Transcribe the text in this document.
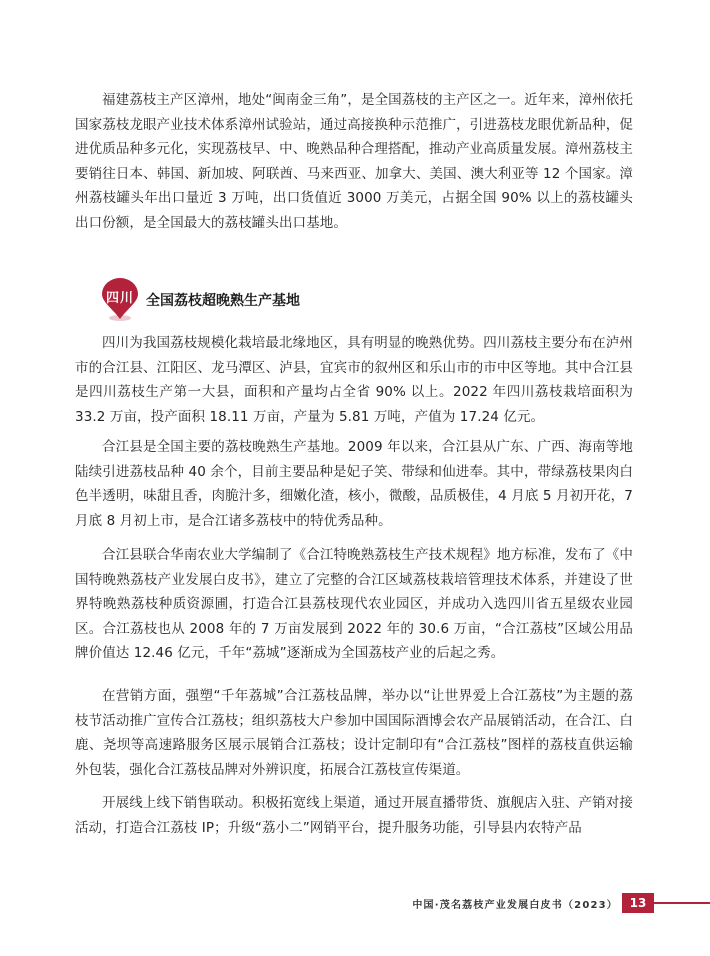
福建荔枝主产区漳州，地处“闽南金三角”，是全国荔枝的主产区之一。近年来，漳州依托国家荔枝龙眼产业技术体系漳州试验站，通过高接换种示范推广，引进荔枝龙眼优新品种，促进优质品种多元化，实现荔枝早、中、晚熟品种合理搭配，推动产业高质量发展。漳州荔枝主要销往日本、韩国、新加坡、阿联酋、马来西亚、加拿大、美国、澳大利亚等 12 个国家。漳州荔枝罐头年出口量近 3 万吨，出口货值近 3000 万美元，占据全国 90% 以上的荔枝罐头出口份额，是全国最大的荔枝罐头出口基地。

四川 全国荔枝超晚熟生产基地

四川为我国荔枝规模化栽培最北缘地区，具有明显的晚熟优势。四川荔枝主要分布在泸州市的合江县、江阳区、龙马潭区、泸县，宜宾市的叙州区和乐山市的市中区等地。其中合江县是四川荔枝生产第一大县，面积和产量均占全省 90% 以上。2022 年四川荔枝栽培面积为 33.2 万亩，投产面积 18.11 万亩，产量为 5.81 万吨，产值为 17.24 亿元。

合江县是全国主要的荔枝晚熟生产基地。2009 年以来，合江县从广东、广西、海南等地陆续引进荔枝品种 40 余个，目前主要品种是妃子笑、带绿和仙进奉。其中，带绿荔枝果肉白色半透明，味甜且香，肉脆汁多，细嫩化渣，核小，微酸，品质极佳，4 月底 5 月初开花，7 月底 8 月初上市，是合江诸多荔枝中的特优秀品种。

合江县联合华南农业大学编制了《合江特晚熟荔枝生产技术规程》地方标准，发布了《中国特晚熟荔枝产业发展白皮书》，建立了完整的合江区域荔枝栽培管理技术体系，并建设了世界特晚熟荔枝种质资源圃，打造合江县荔枝现代农业园区，并成功入选四川省五星级农业园区。合江荔枝也从 2008 年的 7 万亩发展到 2022 年的 30.6 万亩，“合江荔枝”区域公用品牌价值达 12.46 亿元，千年“荔城”逐渐成为全国荔枝产业的后起之秀。

在营销方面，强塑“千年荔城”合江荔枝品牌，举办以“让世界爱上合江荔枝”为主题的荔枝节活动推广宣传合江荔枝；组织荔枝大户参加中国国际酒博会农产品展销活动，在合江、白鹿、尧坝等高速路服务区展示展销合江荔枝；设计定制印有“合江荔枝”图样的荔枝直供运输外包装，强化合江荔枝品牌对外辨识度，拓展合江荔枝宣传渠道。

开展线上线下销售联动。积极拓宽线上渠道，通过开展直播带货、旗舰店入驻、产销对接活动，打造合江荔枝 IP；升级“荔小二”网销平台，提升服务功能，引导县内农特产品

中国·茂名荔枝产业发展白皮书（2023） 13
